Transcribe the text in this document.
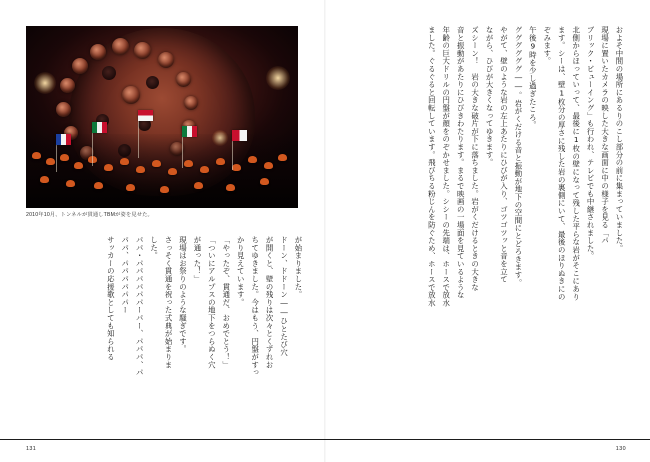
2010年10月、トンネルが貫通しTBMが姿を見せた。
が始まりました。
ドーン、ドドーン――ひとたび穴
が開くと、壁の残りは次々とくずれお
ちてゆきました。今はもう、円盤がすっ
かり見えています。
「やったぞ、貫通だ、おめでとう！」
「ついにアルプスの地下をつらぬく穴
が通った！」
現場はお祭りのような騒ぎです。
さっそく貫通を祝った式典が始まりま
した。
パパ・パパパパパパーパー、パパパ、パ
パパ、パパパパパパー
サッカーの応援歌としても知られる
131
およそ中間の場所にあるりのこし部分の前に集まっていました。
現場に置いたカメラの映した大きな画面に中の様子を見る「パ
ブリック・ビューイング」も行われ、テレビでも中継されました。
北側からほっていって、最後に1枚の壁になって残した平らな岩がそこにあり
ます。シーは、壁1枚分の厚さに残した岩の裏側にいて、最後のほりぬきにの
ぞみます。
午後9時を少し過ぎたころ。
ググググググ――。岩がくだける音と振動が地下の空間にとどろきます。
やがて、壁のような岩の左上あたりにひびが入り、ゴツゴツッと音を立て
ながら、ひびが大きくなってゆきます。
ズシーン！　岩の大きな破片が下に落ちました。岩がくだけるときの大きな
音と振動があたりにひびきわたります。まるで映画の一場面を見ているような
年齢の巨大ドリルの円盤が顔をのぞかせました。シシーの先端は、ホースで放水
ました。ぐるぐると回転しています。飛びちる粉じんを防ぐため、ホースで放水
130
